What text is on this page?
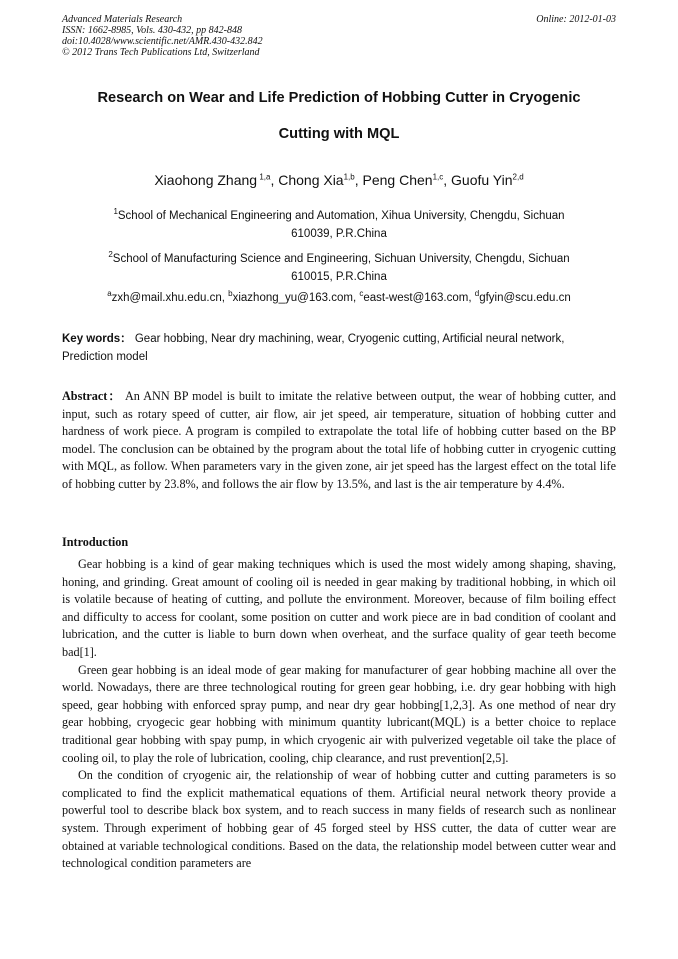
Advanced Materials Research
ISSN: 1662-8985, Vols. 430-432, pp 842-848
doi:10.4028/www.scientific.net/AMR.430-432.842
© 2012 Trans Tech Publications Ltd, Switzerland
Online: 2012-01-03
Research on Wear and Life Prediction of Hobbing Cutter in Cryogenic
Cutting with MQL
Xiaohong Zhang $^{1,a}$, Chong Xia$^{1,b}$, Peng Chen$^{1,c}$, Guofu Yin$^{2,d}$
$^1$School of Mechanical Engineering and Automation, Xihua University, Chengdu, Sichuan
610039, P.R.China
$^2$School of Manufacturing Science and Engineering, Sichuan University, Chengdu, Sichuan
610015, P.R.China
$^a$zxh@mail.xhu.edu.cn, $^b$xiazhong_yu@163.com, $^c$east-west@163.com, $^d$gfyin@scu.edu.cn
Key words： Gear hobbing, Near dry machining, wear, Cryogenic cutting, Artificial neural network, Prediction model
Abstract： An ANN BP model is built to imitate the relative between output, the wear of hobbing cutter, and input, such as rotary speed of cutter, air flow, air jet speed, air temperature, situation of hobbing cutter and hardness of work piece. A program is compiled to extrapolate the total life of hobbing cutter based on the BP model. The conclusion can be obtained by the program about the total life of hobbing cutter in cryogenic cutting with MQL, as follow. When parameters vary in the given zone, air jet speed has the largest effect on the total life of hobbing cutter by 23.8%, and follows the air flow by 13.5%, and last is the air temperature by 4.4%.
Introduction

Gear hobbing is a kind of gear making techniques which is used the most widely among shaping, shaving, honing, and grinding. Great amount of cooling oil is needed in gear making by traditional hobbing, in which oil is volatile because of heating of cutting, and pollute the environment. Moreover, because of film boiling effect and difficulty to access for coolant, some position on cutter and work piece are in bad condition of coolant and lubrication, and the cutter is liable to burn down when overheat, and the surface quality of gear teeth become bad[1].

Green gear hobbing is an ideal mode of gear making for manufacturer of gear hobbing machine all over the world. Nowadays, there are three technological routing for green gear hobbing, i.e. dry gear hobbing with high speed, gear hobbing with enforced spray pump, and near dry gear hobbing[1,2,3]. As one method of near dry gear hobbing, cryogecic gear hobbing with minimum quantity lubricant(MQL) is a better choice to replace traditional gear hobbing with spay pump, in which cryogenic air with pulverized vegetable oil take the place of cooling oil, to play the role of lubrication, cooling, chip clearance, and rust prevention[2,5].

On the condition of cryogenic air, the relationship of wear of hobbing cutter and cutting parameters is so complicated to find the explicit mathematical equations of them. Artificial neural network theory provide a powerful tool to describe black box system, and to reach success in many fields of research such as nonlinear system. Through experiment of hobbing gear of 45 forged steel by HSS cutter, the data of cutter wear are obtained at variable technological conditions. Based on the data, the relationship model between cutter wear and technological condition parameters are
